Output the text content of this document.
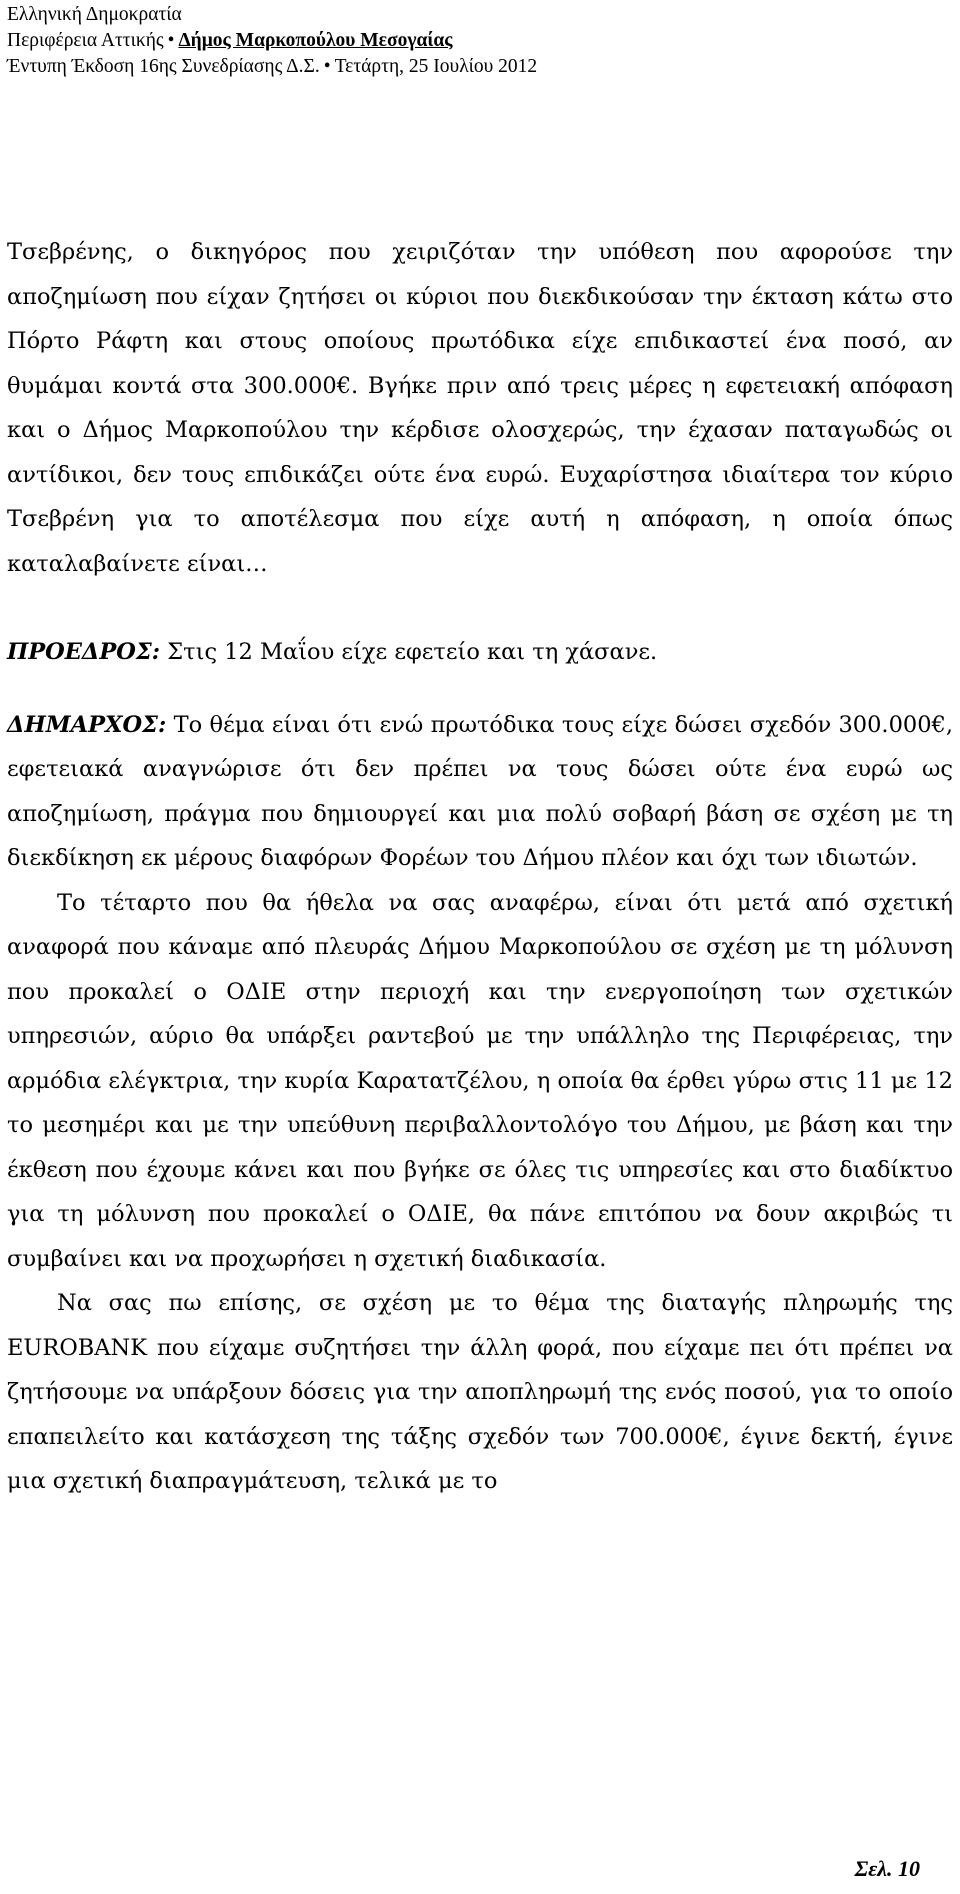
Ελληνική Δημοκρατία
Περιφέρεια Αττικής • Δήμος Μαρκοπούλου Μεσογαίας
Έντυπη Έκδοση 16ης Συνεδρίασης Δ.Σ. • Τετάρτη, 25 Ιουλίου 2012

Τσεβρένης, ο δικηγόρος που χειριζόταν την υπόθεση που αφορούσε την αποζημίωση που είχαν ζητήσει οι κύριοι που διεκδικούσαν την έκταση κάτω στο Πόρτο Ράφτη και στους οποίους πρωτόδικα είχε επιδικαστεί ένα ποσό, αν θυμάμαι κοντά στα 300.000€. Βγήκε πριν από τρεις μέρες η εφετειακή απόφαση και ο Δήμος Μαρκοπούλου την κέρδισε ολοσχερώς, την έχασαν παταγωδώς οι αντίδικοι, δεν τους επιδικάζει ούτε ένα ευρώ. Ευχαρίστησα ιδιαίτερα τον κύριο Τσεβρένη για το αποτέλεσμα που είχε αυτή η απόφαση, η οποία όπως καταλαβαίνετε είναι…

ΠΡΟΕΔΡΟΣ: Στις 12 Μαΐου είχε εφετείο και τη χάσανε.

ΔΗΜΑΡΧΟΣ: Το θέμα είναι ότι ενώ πρωτόδικα τους είχε δώσει σχεδόν 300.000€, εφετειακά αναγνώρισε ότι δεν πρέπει να τους δώσει ούτε ένα ευρώ ως αποζημίωση, πράγμα που δημιουργεί και μια πολύ σοβαρή βάση σε σχέση με τη διεκδίκηση εκ μέρους διαφόρων Φορέων του Δήμου πλέον και όχι των ιδιωτών.

Το τέταρτο που θα ήθελα να σας αναφέρω, είναι ότι μετά από σχετική αναφορά που κάναμε από πλευράς Δήμου Μαρκοπούλου σε σχέση με τη μόλυνση που προκαλεί ο ΟΔΙΕ στην περιοχή και την ενεργοποίηση των σχετικών υπηρεσιών, αύριο θα υπάρξει ραντεβού με την υπάλληλο της Περιφέρειας, την αρμόδια ελέγκτρια, την κυρία Καρατατζέλου, η οποία θα έρθει γύρω στις 11 με 12 το μεσημέρι και με την υπεύθυνη περιβαλλοντολόγο του Δήμου, με βάση και την έκθεση που έχουμε κάνει και που βγήκε σε όλες τις υπηρεσίες και στο διαδίκτυο για τη μόλυνση που προκαλεί ο ΟΔΙΕ, θα πάνε επιτόπου να δουν ακριβώς τι συμβαίνει και να προχωρήσει η σχετική διαδικασία.

Να σας πω επίσης, σε σχέση με το θέμα της διαταγής πληρωμής της EUROBANK που είχαμε συζητήσει την άλλη φορά, που είχαμε πει ότι πρέπει να ζητήσουμε να υπάρξουν δόσεις για την αποπληρωμή της ενός ποσού, για το οποίο επαπειλείτο και κατάσχεση της τάξης σχεδόν των 700.000€, έγινε δεκτή, έγινε μια σχετική διαπραγμάτευση, τελικά με το

Σελ. 10
